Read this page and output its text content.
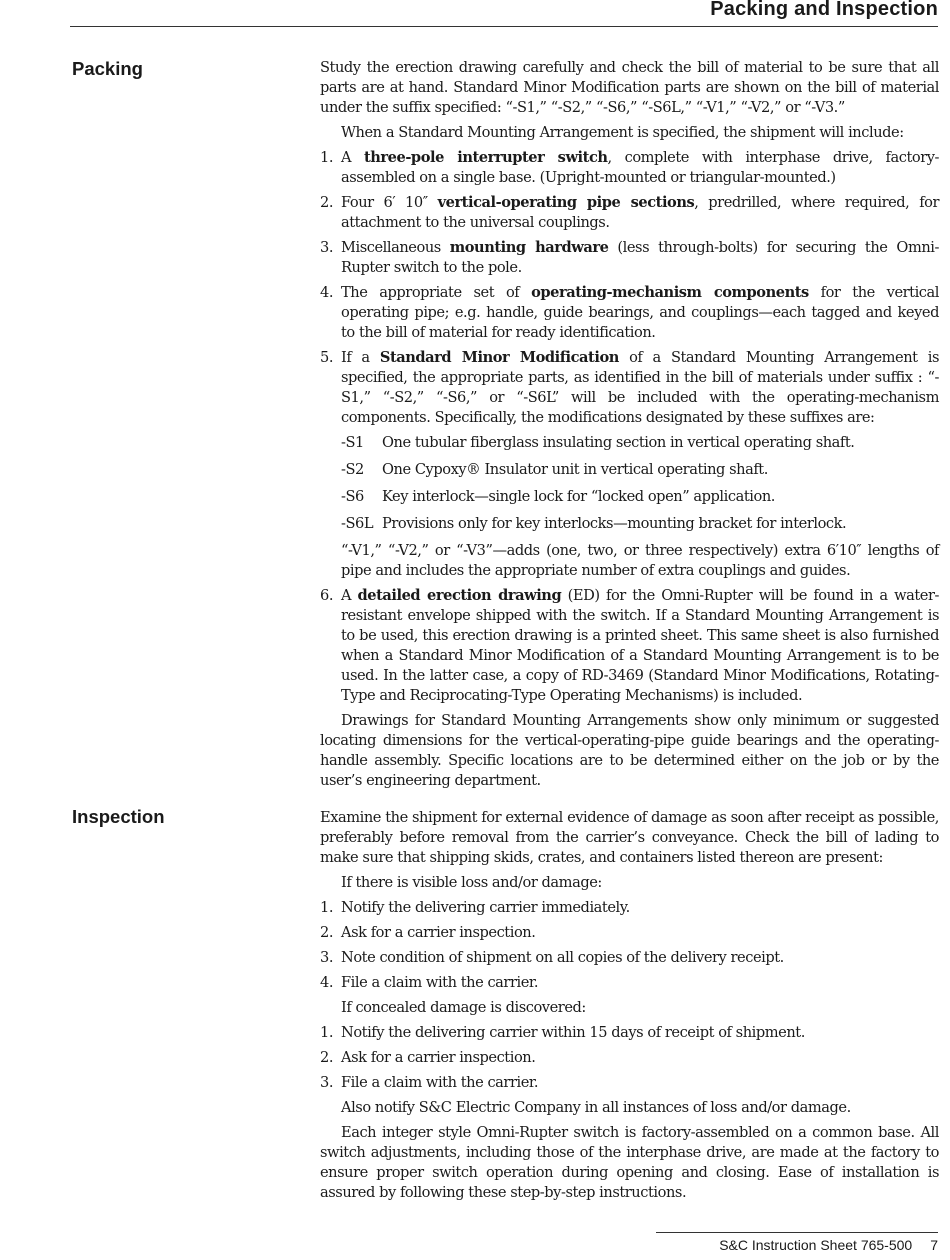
Packing and Inspection
Packing
Inspection

Study the erection drawing carefully and check the bill of material to be sure that all parts are at hand. Standard Minor Modification parts are shown on the bill of material under the suffix specified: “-S1,” “-S2,” “-S6,” “-S6L,” “-V1,” “-V2,” or “-V3.”

When a Standard Mounting Arrangement is specified, the shipment will include:

1. A three-pole interrupter switch, complete with interphase drive, factory-assembled on a single base. (Upright-mounted or triangular-mounted.)
2. Four 6′ 10″ vertical-operating pipe sections, predrilled, where required, for attachment to the universal couplings.
3. Miscellaneous mounting hardware (less through-bolts) for securing the Omni-Rupter switch to the pole.
4. The appropriate set of operating-mechanism components for the vertical operating pipe; e.g. handle, guide bearings, and couplings—each tagged and keyed to the bill of material for ready identification.
5. If a Standard Minor Modification of a Standard Mounting Arrangement is specified, the appropriate parts, as identified in the bill of materials under suffix : “-S1,” “-S2,” “-S6,” or “-S6L” will be included with the operating-mechanism components. Specifically, the modifications designated by these suffixes are:
-S1 One tubular fiberglass insulating section in vertical operating shaft.
-S2 One Cypoxy® Insulator unit in vertical operating shaft.
-S6 Key interlock—single lock for “locked open” application.
-S6L Provisions only for key interlocks—mounting bracket for interlock.

“-V1,” “-V2,” or “-V3”—adds (one, two, or three respectively) extra 6′10″ lengths of pipe and includes the appropriate number of extra couplings and guides.

6. A detailed erection drawing (ED) for the Omni-Rupter will be found in a water-resistant envelope shipped with the switch. If a Standard Mounting Arrangement is to be used, this erection drawing is a printed sheet. This same sheet is also furnished when a Standard Minor Modification of a Standard Mounting Arrangement is to be used. In the latter case, a copy of RD-3469 (Standard Minor Modifications, Rotating-Type and Reciprocating-Type Operating Mechanisms) is included.

Drawings for Standard Mounting Arrangements show only minimum or suggested locating dimensions for the vertical-operating-pipe guide bearings and the operating-handle assembly. Specific locations are to be determined either on the job or by the user’s engineering department.

Examine the shipment for external evidence of damage as soon after receipt as possible, preferably before removal from the carrier’s conveyance. Check the bill of lading to make sure that shipping skids, crates, and containers listed thereon are present:

If there is visible loss and/or damage:

1. Notify the delivering carrier immediately.
2. Ask for a carrier inspection.
3. Note condition of shipment on all copies of the delivery receipt.
4. File a claim with the carrier.

If concealed damage is discovered:

1. Notify the delivering carrier within 15 days of receipt of shipment.
2. Ask for a carrier inspection.
3. File a claim with the carrier.

Also notify S&C Electric Company in all instances of loss and/or damage.

Each integer style Omni-Rupter switch is factory-assembled on a common base. All switch adjustments, including those of the interphase drive, are made at the factory to ensure proper switch operation during opening and closing. Ease of installation is assured by following these step-by-step instructions.

S&C Instruction Sheet 765-500 7
